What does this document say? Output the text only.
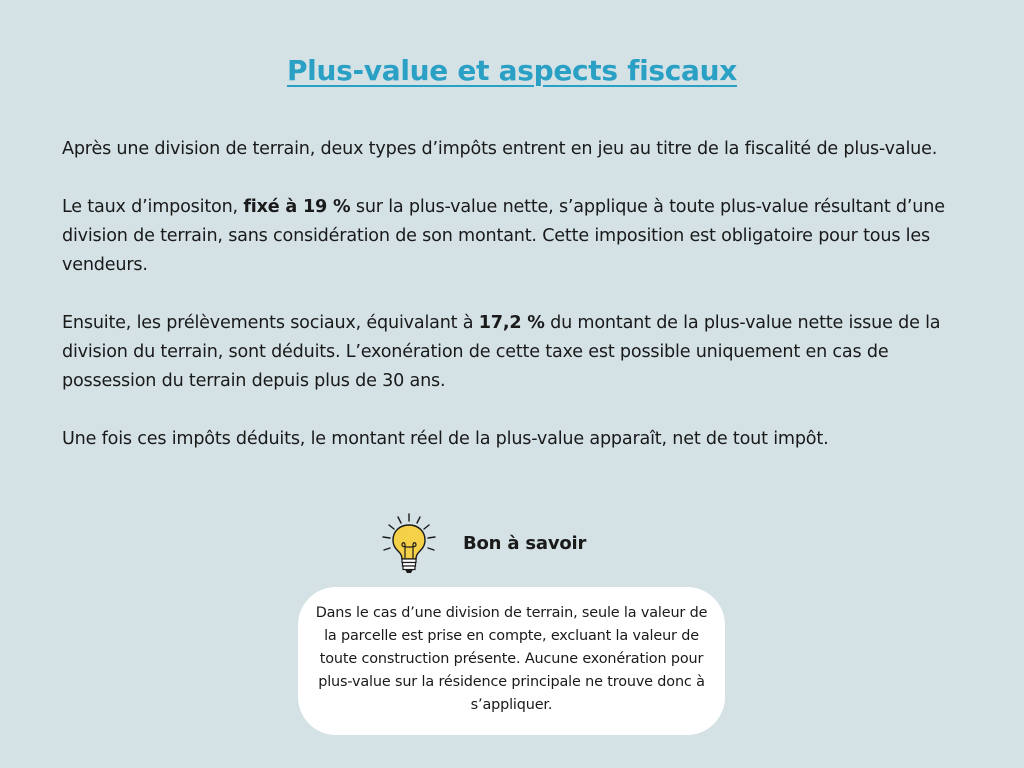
Plus-value et aspects fiscaux

Après une division de terrain, deux types d’impôts entrent en jeu au titre de la fiscalité de plus-value.

Le taux d’impositon, fixé à 19 % sur la plus-value nette, s’applique à toute plus-value résultant d’une division de terrain, sans considération de son montant. Cette imposition est obligatoire pour tous les vendeurs.

Ensuite, les prélèvements sociaux, équivalant à 17,2 % du montant de la plus-value nette issue de la division du terrain, sont déduits. L’exonération de cette taxe est possible uniquement en cas de possession du terrain depuis plus de 30 ans.

Une fois ces impôts déduits, le montant réel de la plus-value apparaît, net de tout impôt.

Bon à savoir
Dans le cas d’une division de terrain, seule la valeur de la parcelle est prise en compte, excluant la valeur de toute construction présente. Aucune exonération pour plus-value sur la résidence principale ne trouve donc à s’appliquer.
